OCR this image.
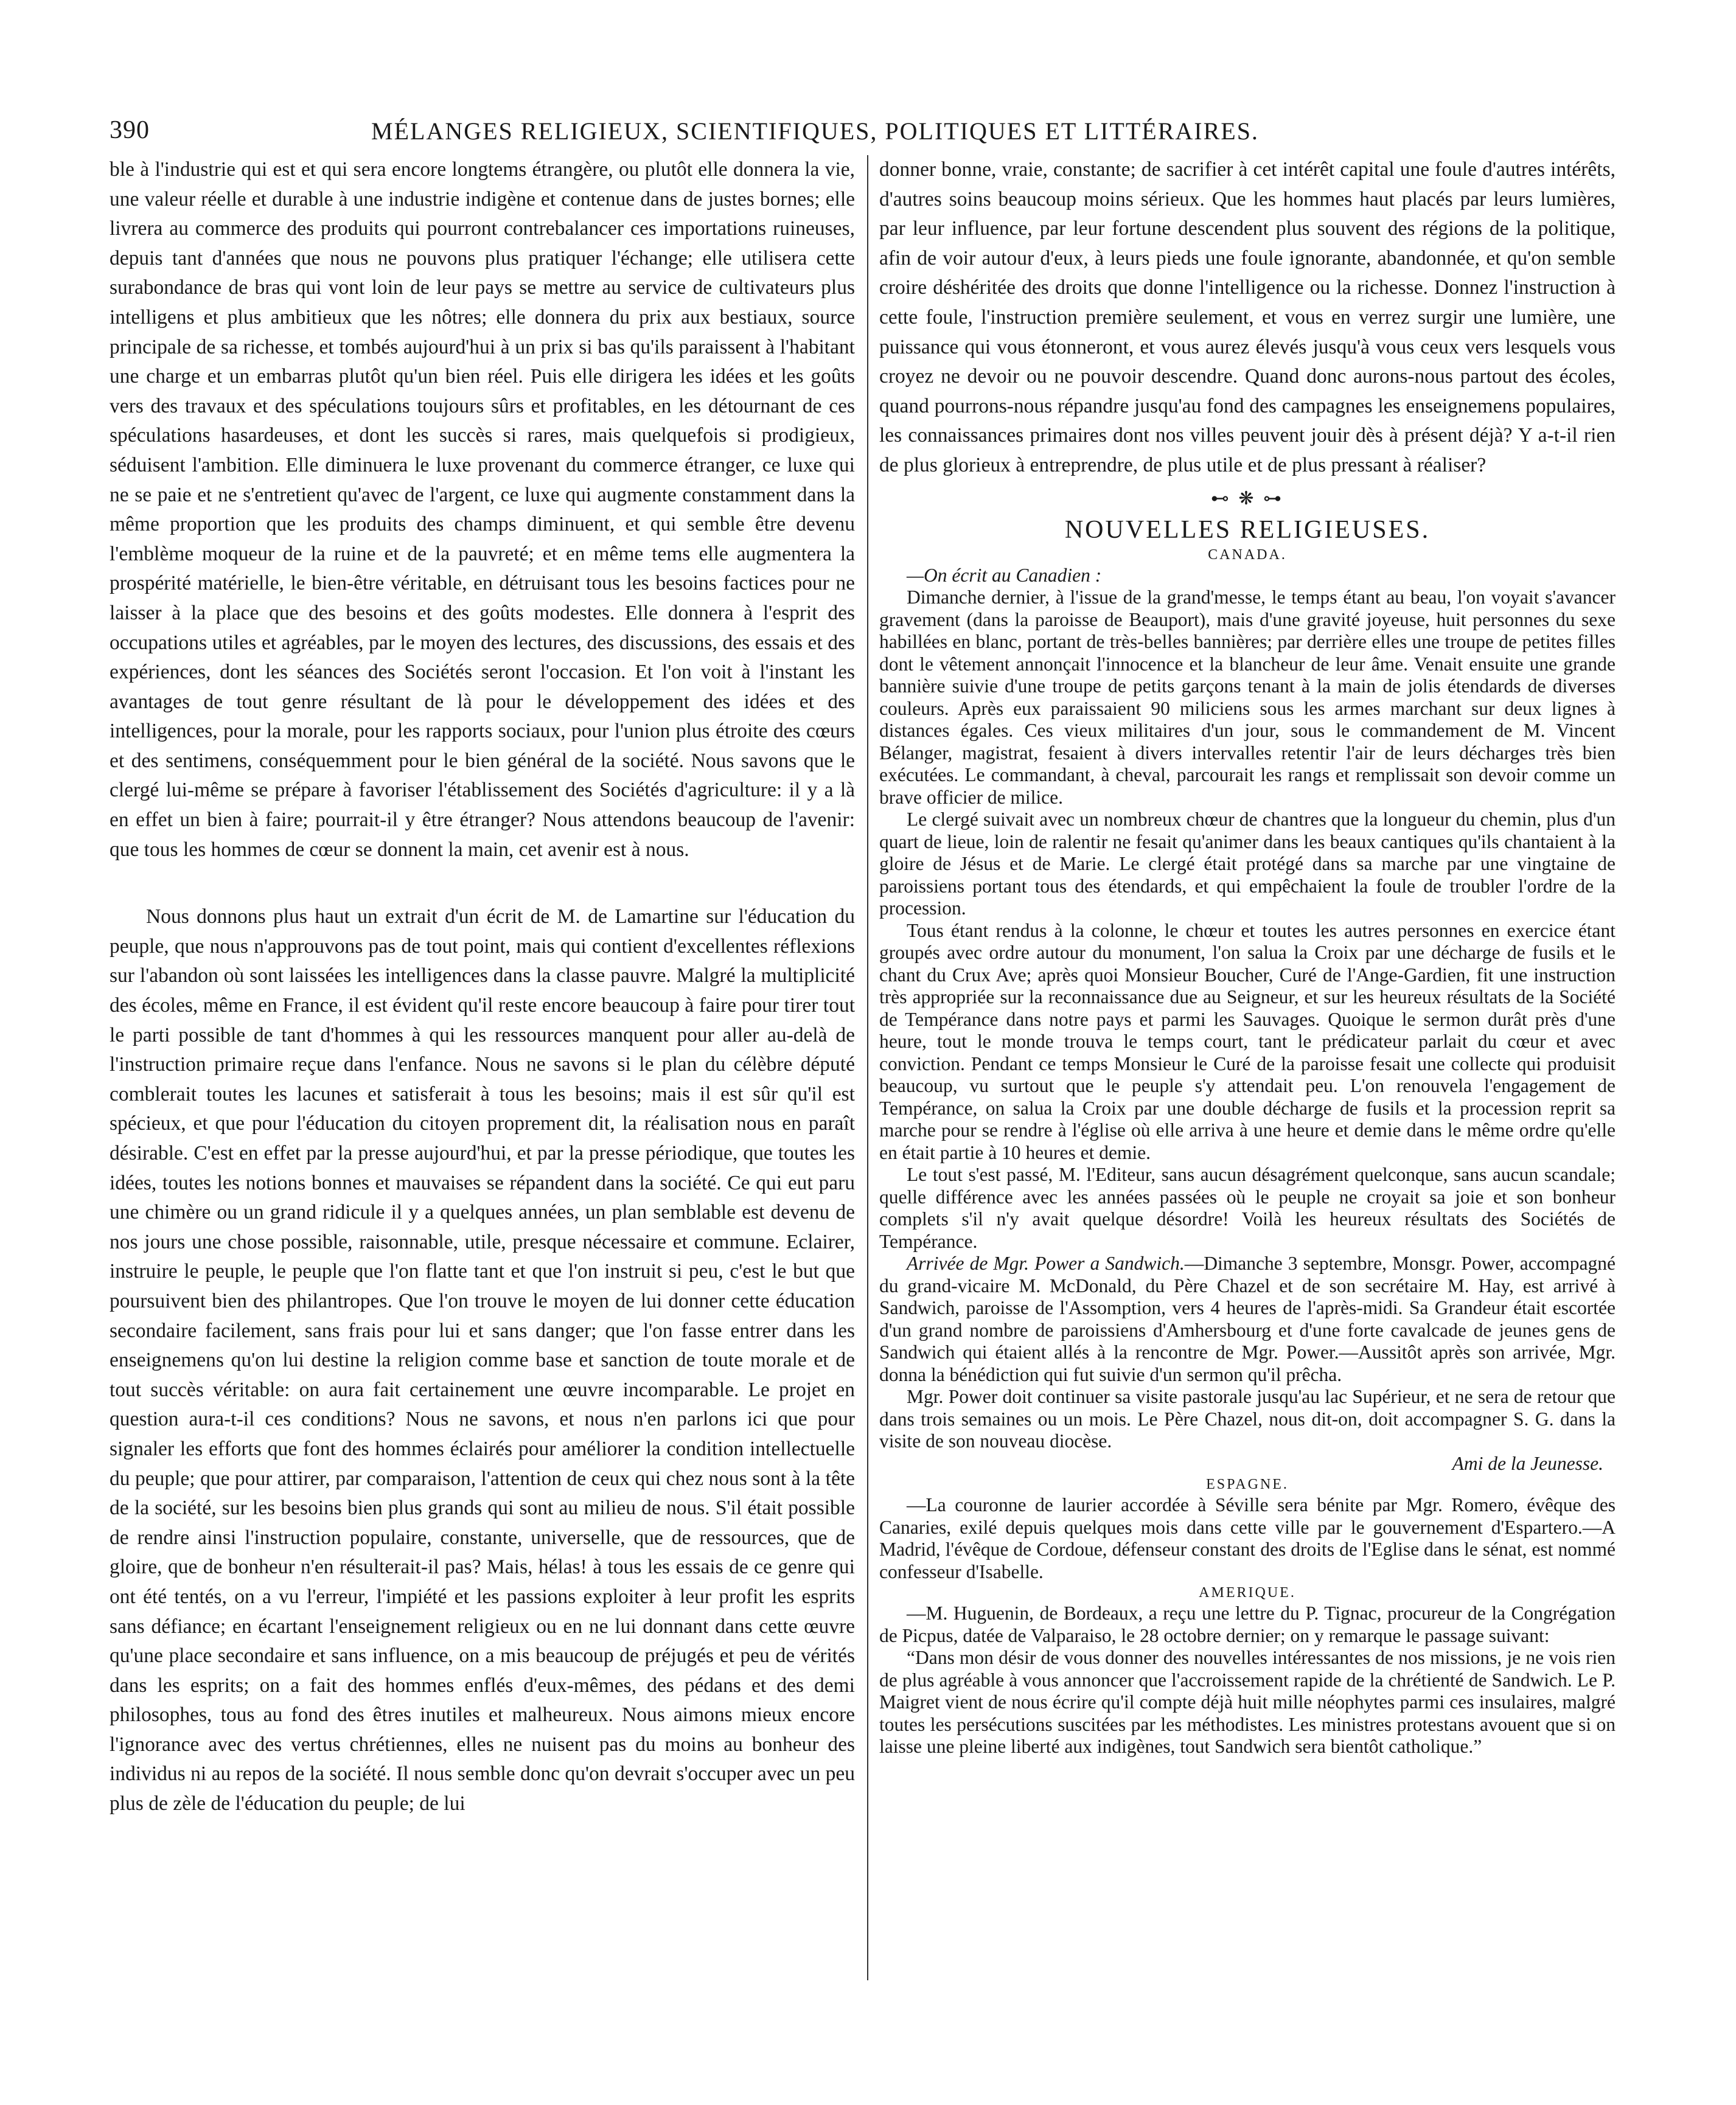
390	MÉLANGES RELIGIEUX, SCIENTIFIQUES, POLITIQUES ET LITTÉRAIRES.

ble à l'industrie qui est et qui sera encore longtems étrangère, ou plutôt elle donnera la vie, une valeur réelle et durable à une industrie indigène et contenue dans de justes bornes; elle livrera au commerce des produits qui pourront contrebalancer ces importations ruineuses, depuis tant d'années que nous ne pouvons plus pratiquer l'échange; elle utilisera cette surabondance de bras qui vont loin de leur pays se mettre au service de cultivateurs plus intelligens et plus ambitieux que les nôtres; elle donnera du prix aux bestiaux, source principale de sa richesse, et tombés aujourd'hui à un prix si bas qu'ils paraissent à l'habitant une charge et un embarras plutôt qu'un bien réel. Puis elle dirigera les idées et les goûts vers des travaux et des spéculations toujours sûrs et profitables, en les détournant de ces spéculations hasardeuses, et dont les succès si rares, mais quelquefois si prodigieux, séduisent l'ambition. Elle diminuera le luxe provenant du commerce étranger, ce luxe qui ne se paie et ne s'entretient qu'avec de l'argent, ce luxe qui augmente constamment dans la même proportion que les produits des champs diminuent, et qui semble être devenu l'emblème moqueur de la ruine et de la pauvreté; et en même tems elle augmentera la prospérité matérielle, le bien-être véritable, en détruisant tous les besoins factices pour ne laisser à la place que des besoins et des goûts modestes. Elle donnera à l'esprit des occupations utiles et agréables, par le moyen des lectures, des discussions, des essais et des expériences, dont les séances des Sociétés seront l'occasion. Et l'on voit à l'instant les avantages de tout genre résultant de là pour le développement des idées et des intelligences, pour la morale, pour les rapports sociaux, pour l'union plus étroite des cœurs et des sentimens, conséquemment pour le bien général de la société. Nous savons que le clergé lui-même se prépare à favoriser l'établissement des Sociétés d'agriculture: il y a là en effet un bien à faire; pourrait-il y être étranger? Nous attendons beaucoup de l'avenir: que tous les hommes de cœur se donnent la main, cet avenir est à nous.

Nous donnons plus haut un extrait d'un écrit de M. de Lamartine sur l'éducation du peuple, que nous n'approuvons pas de tout point, mais qui contient d'excellentes réflexions sur l'abandon où sont laissées les intelligences dans la classe pauvre. Malgré la multiplicité des écoles, même en France, il est évident qu'il reste encore beaucoup à faire pour tirer tout le parti possible de tant d'hommes à qui les ressources manquent pour aller au-delà de l'instruction primaire reçue dans l'enfance. Nous ne savons si le plan du célèbre député comblerait toutes les lacunes et satisferait à tous les besoins; mais il est sûr qu'il est spécieux, et que pour l'éducation du citoyen proprement dit, la réalisation nous en paraît désirable. C'est en effet par la presse aujourd'hui, et par la presse périodique, que toutes les idées, toutes les notions bonnes et mauvaises se répandent dans la société. Ce qui eut paru une chimère ou un grand ridicule il y a quelques années, un plan semblable est devenu de nos jours une chose possible, raisonnable, utile, presque nécessaire et commune. Eclairer, instruire le peuple, le peuple que l'on flatte tant et que l'on instruit si peu, c'est le but que poursuivent bien des philantropes. Que l'on trouve le moyen de lui donner cette éducation secondaire facilement, sans frais pour lui et sans danger; que l'on fasse entrer dans les enseignemens qu'on lui destine la religion comme base et sanction de toute morale et de tout succès véritable: on aura fait certainement une œuvre incomparable. Le projet en question aura-t-il ces conditions? Nous ne savons, et nous n'en parlons ici que pour signaler les efforts que font des hommes éclairés pour améliorer la condition intellectuelle du peuple; que pour attirer, par comparaison, l'attention de ceux qui chez nous sont à la tête de la société, sur les besoins bien plus grands qui sont au milieu de nous. S'il était possible de rendre ainsi l'instruction populaire, constante, universelle, que de ressources, que de gloire, que de bonheur n'en résulterait-il pas? Mais, hélas! à tous les essais de ce genre qui ont été tentés, on a vu l'erreur, l'impiété et les passions exploiter à leur profit les esprits sans défiance; en écartant l'enseignement religieux ou en ne lui donnant dans cette œuvre qu'une place secondaire et sans influence, on a mis beaucoup de préjugés et peu de vérités dans les esprits; on a fait des hommes enflés d'eux-mêmes, des pédans et des demi philosophes, tous au fond des êtres inutiles et malheureux. Nous aimons mieux encore l'ignorance avec des vertus chrétiennes, elles ne nuisent pas du moins au bonheur des individus ni au repos de la société. Il nous semble donc qu'on devrait s'occuper avec un peu plus de zèle de l'éducation du peuple; de lui

donner bonne, vraie, constante; de sacrifier à cet intérêt capital une foule d'autres intérêts, d'autres soins beaucoup moins sérieux. Que les hommes haut placés par leurs lumières, par leur influence, par leur fortune descendent plus souvent des régions de la politique, afin de voir autour d'eux, à leurs pieds une foule ignorante, abandonnée, et qu'on semble croire déshéritée des droits que donne l'intelligence ou la richesse. Donnez l'instruction à cette foule, l'instruction première seulement, et vous en verrez surgir une lumière, une puissance qui vous étonneront, et vous aurez élevés jusqu'à vous ceux vers lesquels vous croyez ne devoir ou ne pouvoir descendre. Quand donc aurons-nous partout des écoles, quand pourrons-nous répandre jusqu'au fond des campagnes les enseignemens populaires, les connaissances primaires dont nos villes peuvent jouir dès à présent déjà? Y a-t-il rien de plus glorieux à entreprendre, de plus utile et de plus pressant à réaliser?

⊷ ❋ ⊶
NOUVELLES RELIGIEUSES.
CANADA.

—On écrit au Canadien :

Dimanche dernier, à l'issue de la grand'messe, le temps étant au beau, l'on voyait s'avancer gravement (dans la paroisse de Beauport), mais d'une gravité joyeuse, huit personnes du sexe habillées en blanc, portant de très-belles bannières; par derrière elles une troupe de petites filles dont le vêtement annonçait l'innocence et la blancheur de leur âme. Venait ensuite une grande bannière suivie d'une troupe de petits garçons tenant à la main de jolis étendards de diverses couleurs. Après eux paraissaient 90 miliciens sous les armes marchant sur deux lignes à distances égales. Ces vieux militaires d'un jour, sous le commandement de M. Vincent Bélanger, magistrat, fesaient à divers intervalles retentir l'air de leurs décharges très bien exécutées. Le commandant, à cheval, parcourait les rangs et remplissait son devoir comme un brave officier de milice.

Le clergé suivait avec un nombreux chœur de chantres que la longueur du chemin, plus d'un quart de lieue, loin de ralentir ne fesait qu'animer dans les beaux cantiques qu'ils chantaient à la gloire de Jésus et de Marie. Le clergé était protégé dans sa marche par une vingtaine de paroissiens portant tous des étendards, et qui empêchaient la foule de troubler l'ordre de la procession.

Tous étant rendus à la colonne, le chœur et toutes les autres personnes en exercice étant groupés avec ordre autour du monument, l'on salua la Croix par une décharge de fusils et le chant du Crux Ave; après quoi Monsieur Boucher, Curé de l'Ange-Gardien, fit une instruction très appropriée sur la reconnaissance due au Seigneur, et sur les heureux résultats de la Société de Tempérance dans notre pays et parmi les Sauvages. Quoique le sermon durât près d'une heure, tout le monde trouva le temps court, tant le prédicateur parlait du cœur et avec conviction. Pendant ce temps Monsieur le Curé de la paroisse fesait une collecte qui produisit beaucoup, vu surtout que le peuple s'y attendait peu. L'on renouvela l'engagement de Tempérance, on salua la Croix par une double décharge de fusils et la procession reprit sa marche pour se rendre à l'église où elle arriva à une heure et demie dans le même ordre qu'elle en était partie à 10 heures et demie.

Le tout s'est passé, M. l'Editeur, sans aucun désagrément quelconque, sans aucun scandale; quelle différence avec les années passées où le peuple ne croyait sa joie et son bonheur complets s'il n'y avait quelque désordre! Voilà les heureux résultats des Sociétés de Tempérance.

Arrivée de Mgr. Power a Sandwich.—Dimanche 3 septembre, Monsgr. Power, accompagné du grand-vicaire M. McDonald, du Père Chazel et de son secrétaire M. Hay, est arrivé à Sandwich, paroisse de l'Assomption, vers 4 heures de l'après-midi. Sa Grandeur était escortée d'un grand nombre de paroissiens d'Amhersbourg et d'une forte cavalcade de jeunes gens de Sandwich qui étaient allés à la rencontre de Mgr. Power.—Aussitôt après son arrivée, Mgr. donna la bénédiction qui fut suivie d'un sermon qu'il prêcha.

Mgr. Power doit continuer sa visite pastorale jusqu'au lac Supérieur, et ne sera de retour que dans trois semaines ou un mois. Le Père Chazel, nous dit-on, doit accompagner S. G. dans la visite de son nouveau diocèse.

Ami de la Jeunesse.
ESPAGNE.

—La couronne de laurier accordée à Séville sera bénite par Mgr. Romero, évêque des Canaries, exilé depuis quelques mois dans cette ville par le gouvernement d'Espartero.—A Madrid, l'évêque de Cordoue, défenseur constant des droits de l'Eglise dans le sénat, est nommé confesseur d'Isabelle.

AMERIQUE.

—M. Huguenin, de Bordeaux, a reçu une lettre du P. Tignac, procureur de la Congrégation de Picpus, datée de Valparaiso, le 28 octobre dernier; on y remarque le passage suivant:

“Dans mon désir de vous donner des nouvelles intéressantes de nos missions, je ne vois rien de plus agréable à vous annoncer que l'accroissement rapide de la chrétienté de Sandwich. Le P. Maigret vient de nous écrire qu'il compte déjà huit mille néophytes parmi ces insulaires, malgré toutes les persécutions suscitées par les méthodistes. Les ministres protestans avouent que si on laisse une pleine liberté aux indigènes, tout Sandwich sera bientôt catholique.”
